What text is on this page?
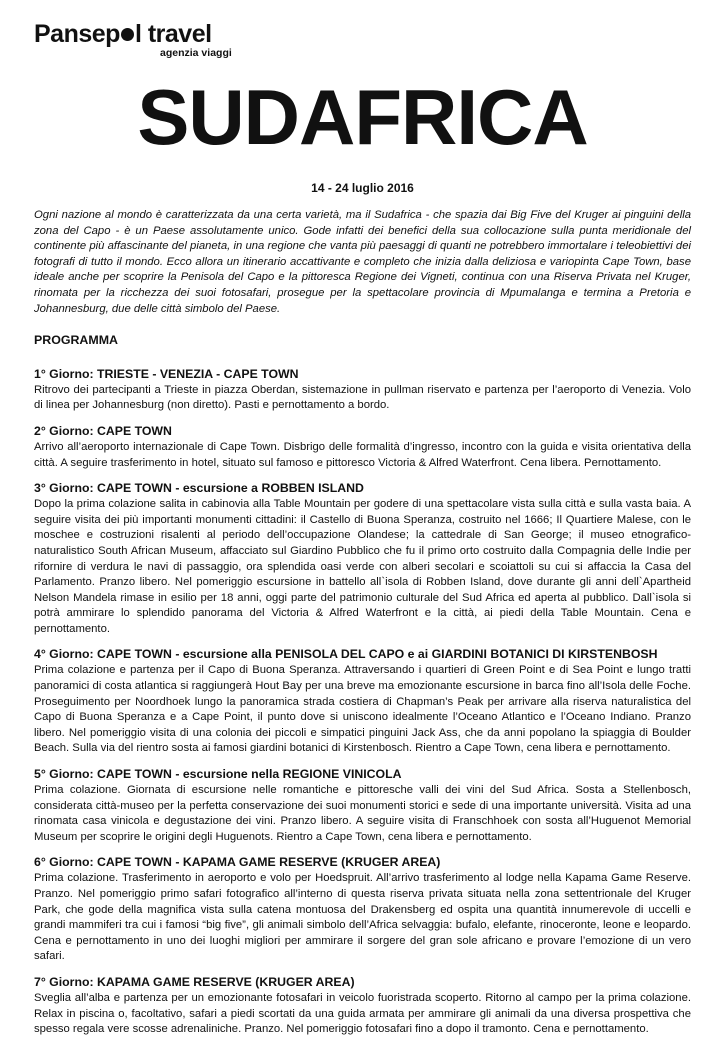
Pansep l travel
agenzia viaggi
SUDAFRICA
14 - 24 luglio 2016

Ogni nazione al mondo è caratterizzata da una certa varietà, ma il Sudafrica - che spazia dai Big Five del Kruger ai pinguini della zona del Capo - è un Paese assolutamente unico. Gode infatti dei benefici della sua collocazione sulla punta meridionale del continente più affascinante del pianeta, in una regione che vanta più paesaggi di quanti ne potrebbero immortalare i teleobiettivi dei fotografi di tutto il mondo. Ecco allora un itinerario accattivante e completo che inizia dalla deliziosa e variopinta Cape Town, base ideale anche per scoprire la Penisola del Capo e la pittoresca Regione dei Vigneti, continua con una Riserva Privata nel Kruger, rinomata per la ricchezza dei suoi fotosafari, prosegue per la spettacolare provincia di Mpumalanga e termina a Pretoria e Johannesburg, due delle città simbolo del Paese.

PROGRAMMA
1° Giorno: TRIESTE - VENEZIA - CAPE TOWN

Ritrovo dei partecipanti a Trieste in piazza Oberdan, sistemazione in pullman riservato e partenza per l’aeroporto di Venezia. Volo di linea per Johannesburg (non diretto). Pasti e pernottamento a bordo.

2° Giorno: CAPE TOWN

Arrivo all’aeroporto internazionale di Cape Town. Disbrigo delle formalità d’ingresso, incontro con la guida e visita orientativa della città. A seguire trasferimento in hotel, situato sul famoso e pittoresco Victoria & Alfred Waterfront. Cena libera. Pernottamento.

3° Giorno: CAPE TOWN - escursione a ROBBEN ISLAND

Dopo la prima colazione salita in cabinovia alla Table Mountain per godere di una spettacolare vista sulla città e sulla vasta baia. A seguire visita dei più importanti monumenti cittadini: il Castello di Buona Speranza, costruito nel 1666; Il Quartiere Malese, con le moschee e costruzioni risalenti al periodo dell’occupazione Olandese; la cattedrale di San George; il museo etnografico-naturalistico South African Museum, affacciato sul Giardino Pubblico che fu il primo orto costruito dalla Compagnia delle Indie per rifornire di verdura le navi di passaggio, ora splendida oasi verde con alberi secolari e scoiattoli su cui si affaccia la Casa del Parlamento. Pranzo libero. Nel pomeriggio escursione in battello all`isola di Robben Island, dove durante gli anni dell`Apartheid Nelson Mandela rimase in esilio per 18 anni, oggi parte del patrimonio culturale del Sud Africa ed aperta al pubblico. Dall`isola si potrà ammirare lo splendido panorama del Victoria & Alfred Waterfront e la città, ai piedi della Table Mountain. Cena e pernottamento.

4° Giorno: CAPE TOWN - escursione alla PENISOLA DEL CAPO e ai GIARDINI BOTANICI DI KIRSTENBOSH

Prima colazione e partenza per il Capo di Buona Speranza. Attraversando i quartieri di Green Point e di Sea Point e lungo tratti panoramici di costa atlantica si raggiungerà Hout Bay per una breve ma emozionante escursione in barca fino all’Isola delle Foche. Proseguimento per Noordhoek lungo la panoramica strada costiera di Chapman’s Peak per arrivare alla riserva naturalistica del Capo di Buona Speranza e a Cape Point, il punto dove si uniscono idealmente l’Oceano Atlantico e l’Oceano Indiano. Pranzo libero. Nel pomeriggio visita di una colonia dei piccoli e simpatici pinguini Jack Ass, che da anni popolano la spiaggia di Boulder Beach. Sulla via del rientro sosta ai famosi giardini botanici di Kirstenbosch. Rientro a Cape Town, cena libera e pernottamento.

5° Giorno: CAPE TOWN - escursione nella REGIONE VINICOLA

Prima colazione. Giornata di escursione nelle romantiche e pittoresche valli dei vini del Sud Africa. Sosta a Stellenbosch, considerata città-museo per la perfetta conservazione dei suoi monumenti storici e sede di una importante università. Visita ad una rinomata casa vinicola e degustazione dei vini. Pranzo libero. A seguire visita di Franschhoek con sosta all’Huguenot Memorial Museum per scoprire le origini degli Huguenots. Rientro a Cape Town, cena libera e pernottamento.

6° Giorno: CAPE TOWN - KAPAMA GAME RESERVE (KRUGER AREA)

Prima colazione. Trasferimento in aeroporto e volo per Hoedspruit. All’arrivo trasferimento al lodge nella Kapama Game Reserve. Pranzo. Nel pomeriggio primo safari fotografico all’interno di questa riserva privata situata nella zona settentrionale del Kruger Park, che gode della magnifica vista sulla catena montuosa del Drakensberg ed ospita una quantità innumerevole di uccelli e grandi mammiferi tra cui i famosi “big five”, gli animali simbolo dell’Africa selvaggia: bufalo, elefante, rinoceronte, leone e leopardo. Cena e pernottamento in uno dei luoghi migliori per ammirare il sorgere del gran sole africano e provare l’emozione di un vero safari.

7° Giorno: KAPAMA GAME RESERVE (KRUGER AREA)

Sveglia all’alba e partenza per un emozionante fotosafari in veicolo fuoristrada scoperto. Ritorno al campo per la prima colazione. Relax in piscina o, facoltativo, safari a piedi scortati da una guida armata per ammirare gli animali da una diversa prospettiva che spesso regala vere scosse adrenaliniche. Pranzo. Nel pomeriggio fotosafari fino a dopo il tramonto. Cena e pernottamento.
